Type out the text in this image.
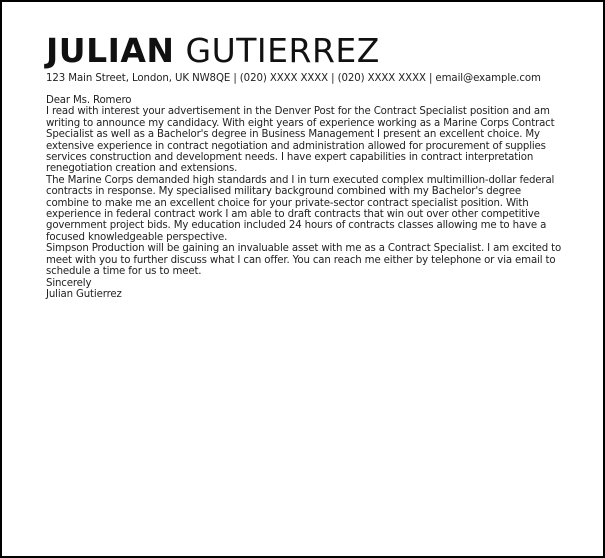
JULIAN GUTIERREZ
123 Main Street, London, UK NW8QE | (020) XXXX XXXX | (020) XXXX XXXX | email@example.com

Dear Ms. Romero

I read with interest your advertisement in the Denver Post for the Contract Specialist position and am writing to announce my candidacy. With eight years of experience working as a Marine Corps Contract Specialist as well as a Bachelor's degree in Business Management I present an excellent choice. My extensive experience in contract negotiation and administration allowed for procurement of supplies services construction and development needs. I have expert capabilities in contract interpretation renegotiation creation and extensions.

The Marine Corps demanded high standards and I in turn executed complex multimillion-dollar federal contracts in response. My specialised military background combined with my Bachelor's degree combine to make me an excellent choice for your private-sector contract specialist position. With experience in federal contract work I am able to draft contracts that win out over other competitive government project bids. My education included 24 hours of contracts classes allowing me to have a focused knowledgeable perspective.

Simpson Production will be gaining an invaluable asset with me as a Contract Specialist. I am excited to meet with you to further discuss what I can offer. You can reach me either by telephone or via email to schedule a time for us to meet.

Sincerely

Julian Gutierrez
